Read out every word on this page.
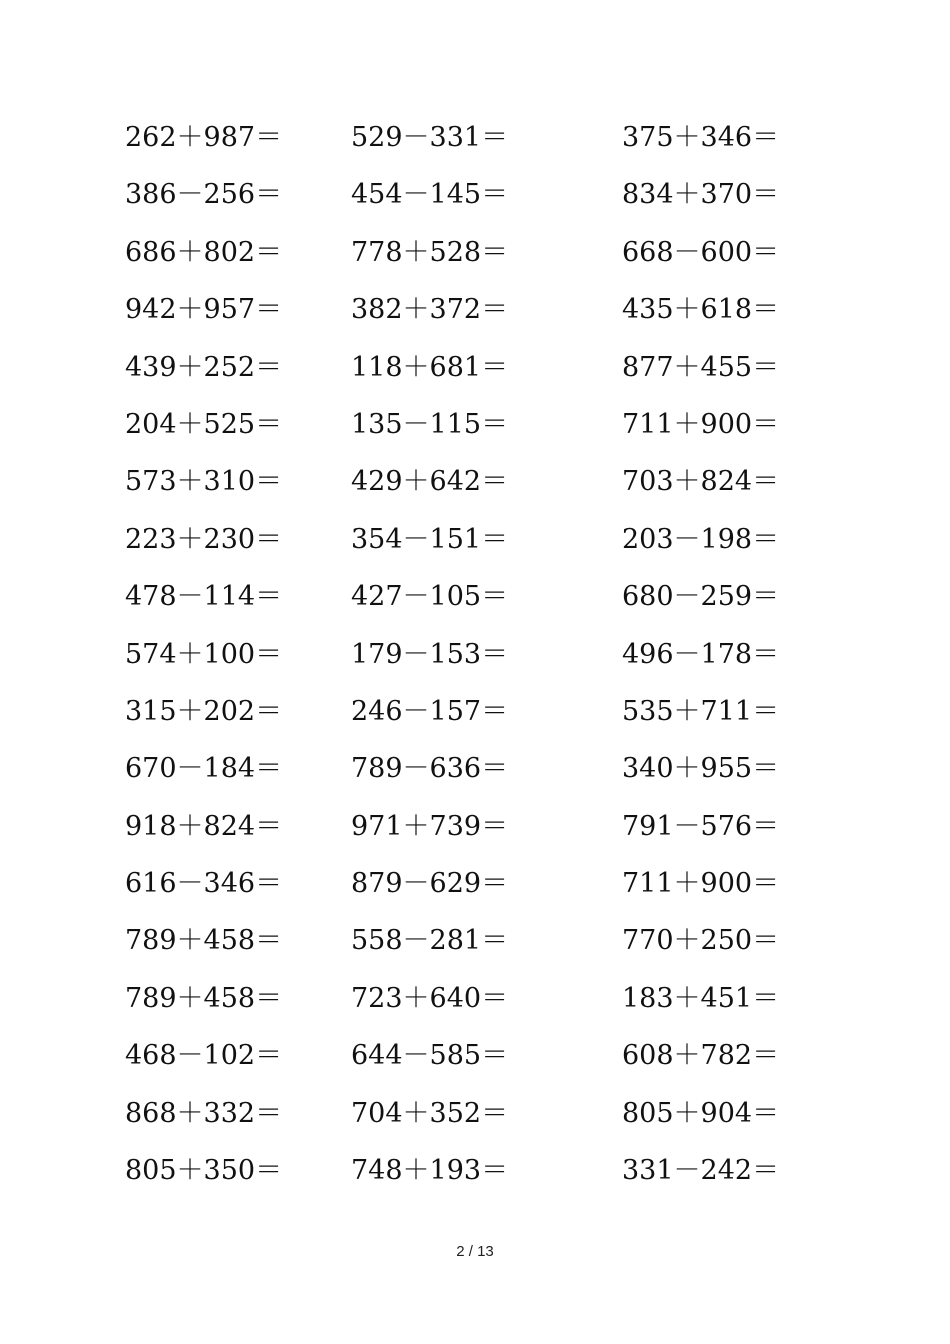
262＋987＝	529－331＝	375＋346＝
386－256＝	454－145＝	834＋370＝
686＋802＝	778＋528＝	668－600＝
942＋957＝	382＋372＝	435＋618＝
439＋252＝	118＋681＝	877＋455＝
204＋525＝	135－115＝	711＋900＝
573＋310＝	429＋642＝	703＋824＝
223＋230＝	354－151＝	203－198＝
478－114＝	427－105＝	680－259＝
574＋100＝	179－153＝	496－178＝
315＋202＝	246－157＝	535＋711＝
670－184＝	789－636＝	340＋955＝
918＋824＝	971＋739＝	791－576＝
616－346＝	879－629＝	711＋900＝
789＋458＝	558－281＝	770＋250＝
789＋458＝	723＋640＝	183＋451＝
468－102＝	644－585＝	608＋782＝
868＋332＝	704＋352＝	805＋904＝
805＋350＝	748＋193＝	331－242＝
2 / 13
